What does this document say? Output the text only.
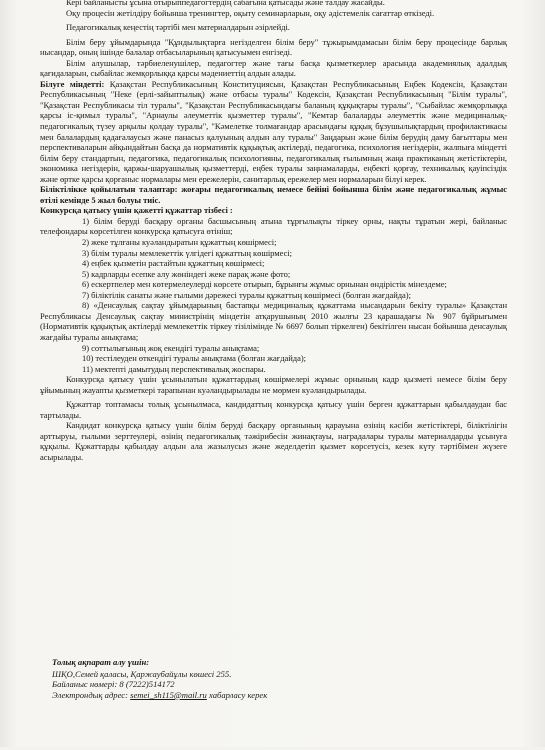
Кері байланысты ұсына отырыппедагогтердің сабағына қатысады және талдау жасайды.

Оқу процесін жетілдіру бойынша тренингтер, оқыту семинарларын, оқу әдістемелік сағаттар өткізеді.

Педагогикалық кеңестің тәртібі мен материалдарын әзірлейді.

Білім беру ұйымдарында "Құндылықтарға негізделген білім беру" тұжырымдамасын білім беру процесінде барлық нысандар, оның ішінде балалар отбасыларының қатысуымен енгізеді.

Білім алушылар, тәрбиеленушілер, педагогтер және тағы басқа қызметкерлер арасында академиялық адалдық қағидаларын, сыбайлас жемқорлыққа қарсы мәдениеттің алдын алады.

Білуге міндетті: Қазақстан Республикасының Конституциясын, Қазақстан Республикасының Еңбек Кодексін, Қазақстан Республикасының "Неке (ерлі-зайыптылық) және отбасы туралы" Кодексін, Қазақстан Республикасының "Білім туралы", "Қазақстан Республикасы тіл туралы", "Қазақстан Республикасындағы баланың құқықтары туралы", "Сыбайлас жемқорлыққа қарсы іс-қимыл туралы", "Арнаулы әлеуметтік қызметтер туралы", "Кемтар балаларды әлеуметтік және медициналық-педагогикалық түзеу арқылы қолдау туралы", "Кәмелетке толмағандар арасындағы құқық бұзушылықтардың профилактикасы мен балалардың қадағалаусыз және панасыз қалуының алдын алу туралы" Заңдарын және білім берудің даму бағыттары мен перспективаларын айқындайтын басқа да нормативтік құқықтық актілерді, педагогика, психология негіздерін, жалпыға міндетті білім беру стандартын, педагогика, педагогикалық психологияны, педагогикалық ғылымның жаңа практиканың жетістіктерін, экономика негіздерін, қаржы-шаруашылық қызметтерді, еңбек туралы заңнамаларды, еңбекті қорғау, техникалық қауіпсіздік және өртке қарсы қорғаныс нормалары мен ережелерін, санитарлық ережелер мен нормаларын білуі керек.

Біліктілікке қойылатын талаптар: жоғары педагогикалық немесе бейіні бойынша білім және педагогикалық жұмыс өтілі кемінде 5 жыл болуы тиіс.

Конкурсқа қатысу үшін қажетті құжаттар тізбесі :

1) білім беруді басқару органы басшысының атына тұрғылықты тіркеу орны, нақты тұратын жері, байланыс телефондары көрсетілген конкурсқа қатысуға өтініш;

2) жеке тұлғаны куәландыратын құжаттың көшірмесі;

3) білім туралы мемлекеттік үлгідегі құжаттың көшірмесі;

4) еңбек қызметін растайтын құжаттың көшірмесі;

5) кадрларды есепке алу жөніндегі жеке парақ және фото;

6) ескертпелер мен көтермелеулерді көрсете отырып, бұрынғы жұмыс орнынан өндірістік мінездеме;

7) біліктілік санаты және ғылыми дәрежесі туралы құжаттың көшірмесі (болған жағдайда);

8) «Денсаулық сақтау ұйымдарының бастапқы медициналық құжаттама нысандарын бекіту туралы» Қазақстан Республикасы Денсаулық сақтау министрінің міндетін атқарушының 2010 жылғы 23 қарашадағы № 907 бұйрығымен (Нормативтік құқықтық актілерді мемлекеттік тіркеу тізілімінде № 6697 болып тіркелген) бекітілген нысан бойынша денсаулық жағдайы туралы анықтама;

9) соттылығының жоқ екендігі туралы анықтама;

10) тестілеуден өткендігі туралы анықтама (болған жағдайда);

11) мектепті дамытудың перспективалық жоспары.

Конкурсқа қатысу үшін ұсынылатын құжаттардың көшірмелері жұмыс орнының кадр қызметі немесе білім беру ұйымының жауапты қызметкері тарапынан куәландырылады не мөрмен куәландырылады.

Құжаттар топтамасы толық ұсынылмаса, кандидаттың конкурсқа қатысу үшін берген құжаттарын қабылдаудан бас тартылады.

Кандидат конкурсқа қатысу үшін білім беруді басқару органының қарауына өзінің кәсіби жетістіктері, біліктілігін арттыруы, ғылыми зерттеулері, өзінің педагогикалық тәжірибесін жинақтауы, наградалары туралы материалдарды ұсынуға құқылы. Құжаттарды қабылдау алдын ала жазылусыз және жеделдетіп қызмет көрсетусіз, кезек күту тәртібімен жүзеге асырылады.

Толық ақпарат алу үшін:
ШҚО,Семей қаласы, Қаржаубайұлы көшесі 255.
Байланыс нөмері: 8 (7222)514172
Электрондық адрес: semei_sh115@mail.ru хабарласу керек
